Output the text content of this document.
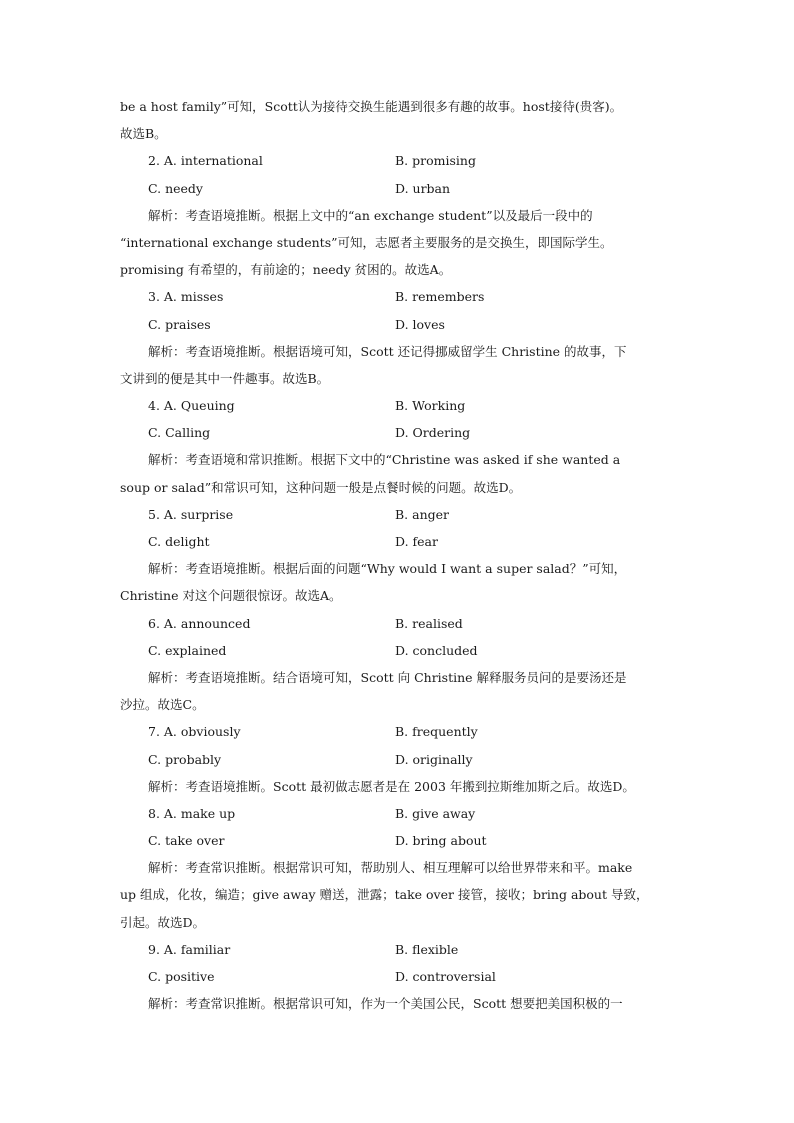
be a host family”可知，Scott认为接待交换生能遇到很多有趣的故事。host接待(贵客)。
故选B。
2. A. international	B. promising
C. needy	D. urban
解析：考查语境推断。根据上文中的“an exchange student”以及最后一段中的
“international exchange students”可知，志愿者主要服务的是交换生，即国际学生。
promising 有希望的，有前途的；needy 贫困的。故选A。
3. A. misses	B. remembers
C. praises	D. loves
解析：考查语境推断。根据语境可知，Scott 还记得挪威留学生 Christine 的故事，下
文讲到的便是其中一件趣事。故选B。
4. A. Queuing	B. Working
C. Calling	D. Ordering
解析：考查语境和常识推断。根据下文中的“Christine was asked if she wanted a
soup or salad”和常识可知，这种问题一般是点餐时候的问题。故选D。
5. A. surprise	B. anger
C. delight	D. fear
解析：考查语境推断。根据后面的问题“Why would I want a super salad？”可知，
Christine 对这个问题很惊讶。故选A。
6. A. announced	B. realised
C. explained	D. concluded
解析：考查语境推断。结合语境可知，Scott 向 Christine 解释服务员问的是要汤还是
沙拉。故选C。
7. A. obviously	B. frequently
C. probably	D. originally
解析：考查语境推断。Scott 最初做志愿者是在 2003 年搬到拉斯维加斯之后。故选D。
8. A. make up	B. give away
C. take over	D. bring about
解析：考查常识推断。根据常识可知，帮助别人、相互理解可以给世界带来和平。make
up 组成，化妆，编造；give away 赠送，泄露；take over 接管，接收；bring about 导致，
引起。故选D。
9. A. familiar	B. flexible
C. positive	D. controversial
解析：考查常识推断。根据常识可知，作为一个美国公民，Scott 想要把美国积极的一
